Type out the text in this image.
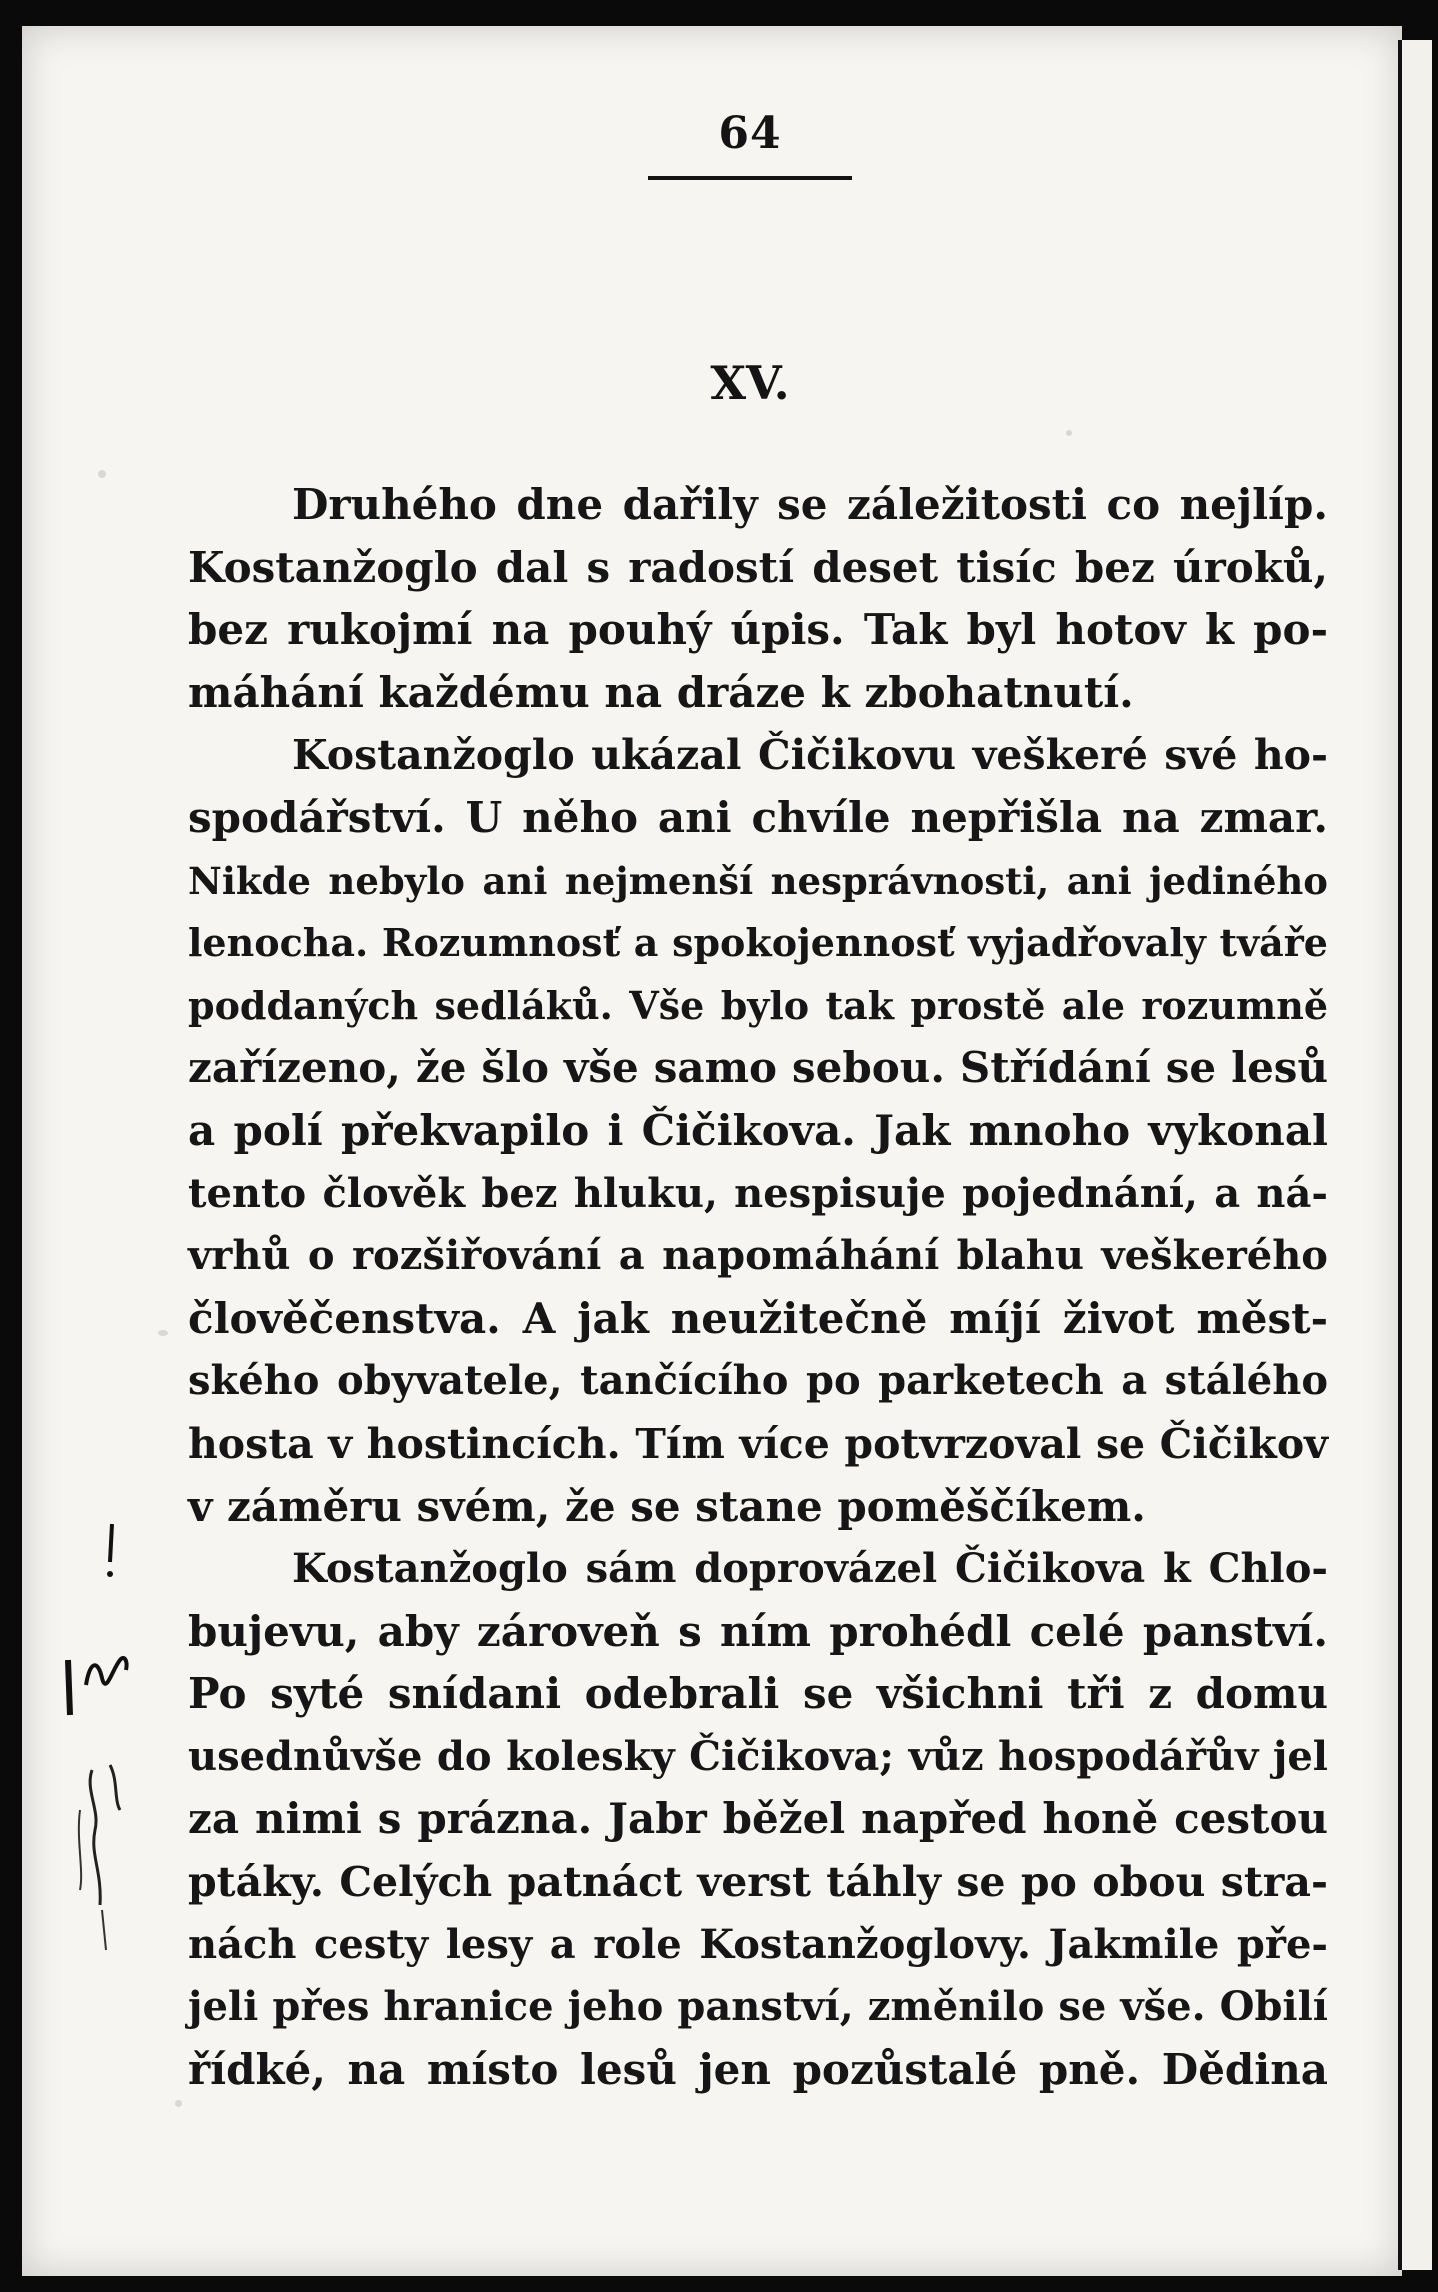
64
XV.
Druhého dne dařily se záležitosti co nejlíp.
Kostanžoglo dal s radostí deset tisíc bez úroků,
bez rukojmí na pouhý úpis. Tak byl hotov k po-
máhání každému na dráze k zbohatnutí.
Kostanžoglo ukázal Čičikovu veškeré své ho-
spodářství. U něho ani chvíle nepřišla na zmar.
Nikde nebylo ani nejmenší nesprávnosti, ani jediného
lenocha. Rozumnosť a spokojennosť vyjadřovaly tváře
poddaných sedláků. Vše bylo tak prostě ale rozumně
zařízeno, že šlo vše samo sebou. Střídání se lesů
a polí překvapilo i Čičikova. Jak mnoho vykonal
tento člověk bez hluku, nespisuje pojednání, a ná-
vrhů o rozšiřování a napomáhání blahu veškerého
člověčenstva. A jak neužitečně míjí život měst-
ského obyvatele, tančícího po parketech a stálého
hosta v hostincích. Tím více potvrzoval se Čičikov
v záměru svém, že se stane poměščíkem.
Kostanžoglo sám doprovázel Čičikova k Chlo-
bujevu, aby zároveň s ním prohédl celé panství.
Po syté snídani odebrali se všichni tři z domu
usednůvše do kolesky Čičikova; vůz hospodářův jel
za nimi s prázna. Jabr běžel napřed honě cestou
ptáky. Celých patnáct verst táhly se po obou stra-
nách cesty lesy a role Kostanžoglovy. Jakmile pře-
jeli přes hranice jeho panství, změnilo se vše. Obilí
řídké, na místo lesů jen pozůstalé pně. Dědina
